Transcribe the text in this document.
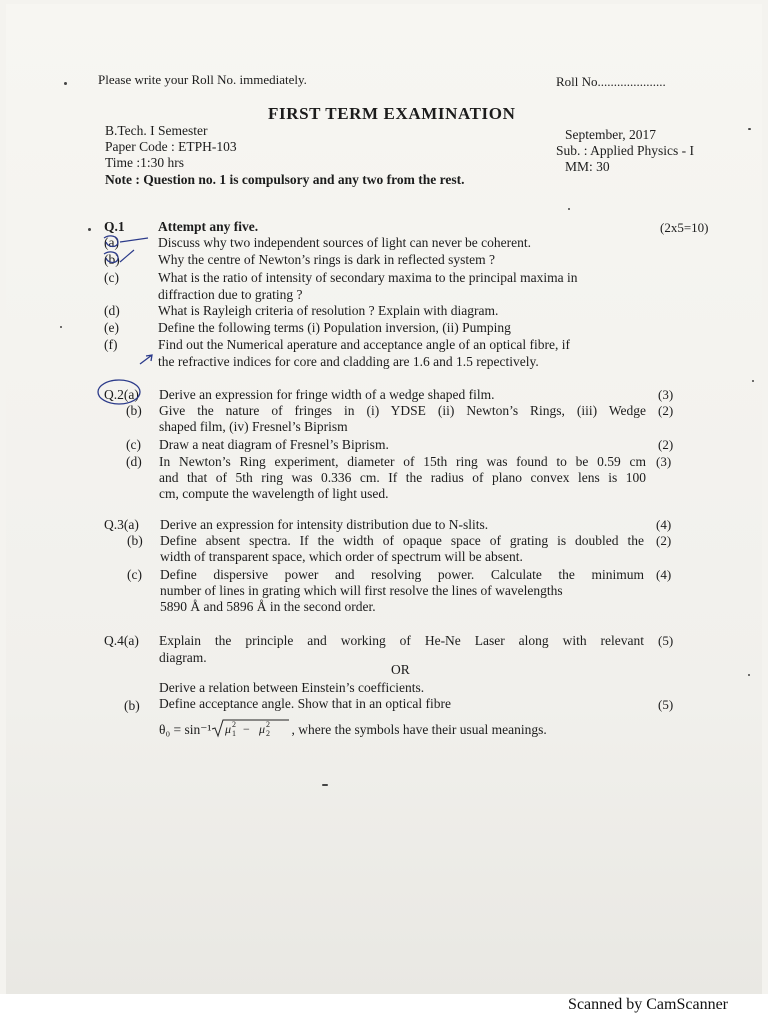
Please write your Roll No. immediately.	Roll No.....................
FIRST TERM EXAMINATION
B.Tech. I Semester
Paper Code : ETPH-103
Time :1:30 hrs
September, 2017
Sub. : Applied Physics - I
MM: 30
Note : Question no. 1 is compulsory and any two from the rest.
Q.1 Attempt any five.	(2x5=10)
(a)	Discuss why two independent sources of light can never be coherent.
(b)	Why the centre of Newton’s rings is dark in reflected system ?
(c)	What is the ratio of intensity of secondary maxima to the principal maxima in
diffraction due to grating ?
(d)	What is Rayleigh criteria of resolution ? Explain with diagram.
(e)	Define the following terms (i) Population inversion, (ii) Pumping
(f)	Find out the Numerical aperature and acceptance angle of an optical fibre, if
the refractive indices for core and cladding are 1.6 and 1.5 repectively.
Q.2(a) Derive an expression for fringe width of a wedge shaped film.	(3)
(b) Give the nature of fringes in (i) YDSE (ii) Newton’s Rings, (iii) Wedge
shaped film, (iv) Fresnel’s Biprism
(2)
(c) Draw a neat diagram of Fresnel’s Biprism.	(2)
(d) In Newton’s Ring experiment, diameter of 15th ring was found to be 0.59 cm
and that of 5th ring was 0.336 cm. If the radius of plano convex lens is 100
cm, compute the wavelength of light used.
(3)
Q.3(a) Derive an expression for intensity distribution due to N-slits.	(4)
(b) Define absent spectra. If the width of opaque space of grating is doubled the
width of transparent space, which order of spectrum will be absent.
(2)
(c) Define dispersive power and resolving power. Calculate the minimum
number of lines in grating which will first resolve the lines of wavelengths
5890 Å and 5896 Å in the second order.
(4)
Q.4(a) Explain the principle and working of He-Ne Laser along with relevant
diagram.
(5)
OR
Derive a relation between Einstein’s coefficients.
(b) Define acceptance angle. Show that in an optical fibre	(5)
θ₀ = sin⁻¹ μ 2
1 − μ 2
2 , where the symbols have their usual meanings.
Scanned by CamScanner
